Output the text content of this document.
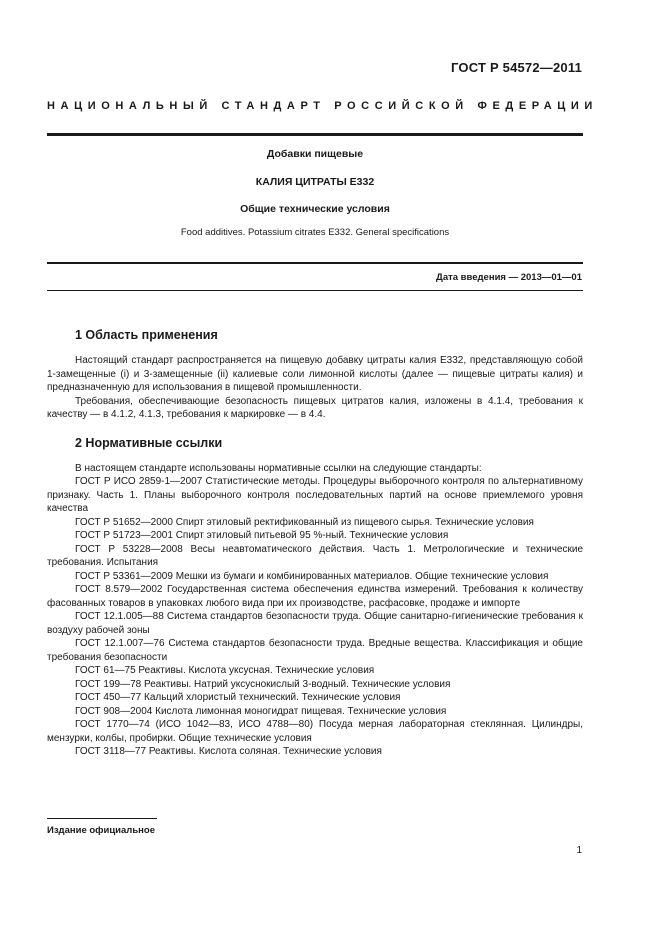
ГОСТ Р 54572—2011
НАЦИОНАЛЬНЫЙ СТАНДАРТ РОССИЙСКОЙ ФЕДЕРАЦИИ
Добавки пищевые
КАЛИЯ ЦИТРАТЫ Е332
Общие технические условия
Food additives. Potassium citrates E332. General specifications
Дата введения — 2013—01—01
1 Область применения

Настоящий стандарт распространяется на пищевую добавку цитраты калия Е332, представляющую собой 1-замещенные (i) и 3-замещенные (ii) калиевые соли лимонной кислоты (далее — пищевые цитраты калия) и предназначенную для использования в пищевой промышленности.

Требования, обеспечивающие безопасность пищевых цитратов калия, изложены в 4.1.4, требования к качеству — в 4.1.2, 4.1.3, требования к маркировке — в 4.4.

2 Нормативные ссылки

В настоящем стандарте использованы нормативные ссылки на следующие стандарты:

ГОСТ Р ИСО 2859-1—2007 Статистические методы. Процедуры выборочного контроля по альтернативному признаку. Часть 1. Планы выборочного контроля последовательных партий на основе приемлемого уровня качества

ГОСТ Р 51652—2000 Спирт этиловый ректификованный из пищевого сырья. Технические условия

ГОСТ Р 51723—2001 Спирт этиловый питьевой 95 %-ный. Технические условия

ГОСТ Р 53228—2008 Весы неавтоматического действия. Часть 1. Метрологические и технические требования. Испытания

ГОСТ Р 53361—2009 Мешки из бумаги и комбинированных материалов. Общие технические условия

ГОСТ 8.579—2002 Государственная система обеспечения единства измерений. Требования к количеству фасованных товаров в упаковках любого вида при их производстве, расфасовке, продаже и импорте

ГОСТ 12.1.005—88 Система стандартов безопасности труда. Общие санитарно-гигиенические требования к воздуху рабочей зоны

ГОСТ 12.1.007—76 Система стандартов безопасности труда. Вредные вещества. Классификация и общие требования безопасности

ГОСТ 61—75 Реактивы. Кислота уксусная. Технические условия

ГОСТ 199—78 Реактивы. Натрий уксуснокислый 3-водный. Технические условия

ГОСТ 450—77 Кальций хлористый технический. Технические условия

ГОСТ 908—2004 Кислота лимонная моногидрат пищевая. Технические условия

ГОСТ 1770—74 (ИСО 1042—83, ИСО 4788—80) Посуда мерная лабораторная стеклянная. Цилиндры, мензурки, колбы, пробирки. Общие технические условия

ГОСТ 3118—77 Реактивы. Кислота соляная. Технические условия

Издание официальное
1
